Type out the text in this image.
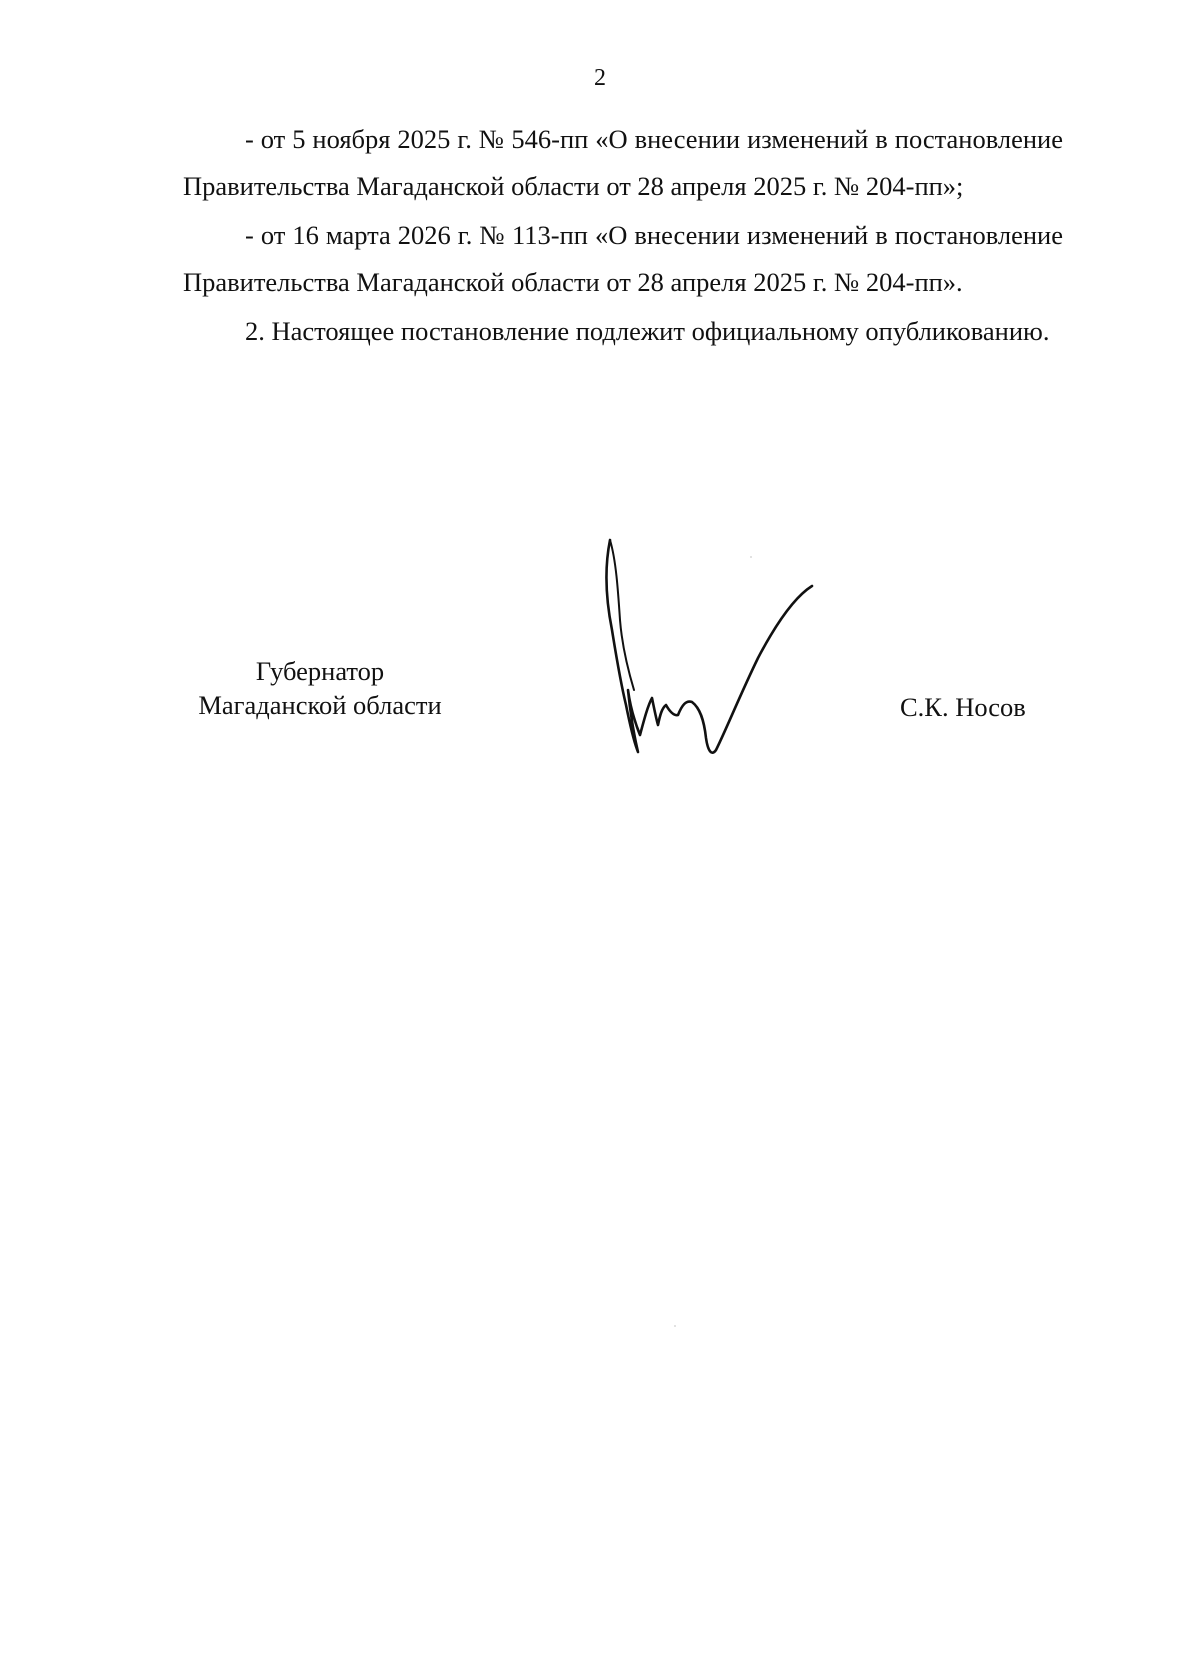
2

- от 5 ноября 2025 г. № 546-пп «О внесении изменений в постановление Правительства Магаданской области от 28 апреля 2025 г. № 204-пп»;

- от 16 марта 2026 г. № 113-пп «О внесении изменений в постановление Правительства Магаданской области от 28 апреля 2025 г. № 204-пп».

2. Настоящее постановление подлежит официальному опубликованию.

Губернатор
Магаданской области	С.К. Носов
